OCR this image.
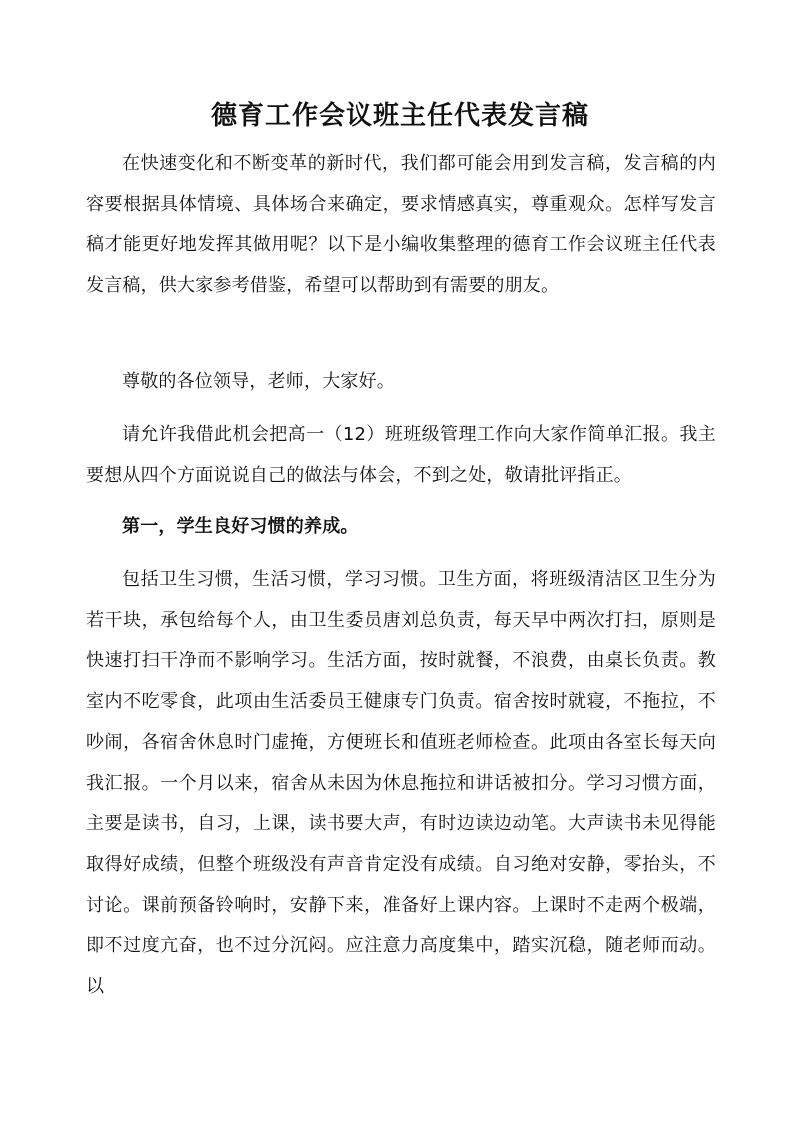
德育工作会议班主任代表发言稿

在快速变化和不断变革的新时代，我们都可能会用到发言稿，发言稿的内容要根据具体情境、具体场合来确定，要求情感真实，尊重观众。怎样写发言稿才能更好地发挥其做用呢？以下是小编收集整理的德育工作会议班主任代表发言稿，供大家参考借鉴，希望可以帮助到有需要的朋友。

尊敬的各位领导，老师，大家好。

请允许我借此机会把高一（12）班班级管理工作向大家作简单汇报。我主要想从四个方面说说自己的做法与体会，不到之处，敬请批评指正。

第一，学生良好习惯的养成。

包括卫生习惯，生活习惯，学习习惯。卫生方面，将班级清洁区卫生分为若干块，承包给每个人，由卫生委员唐刘总负责，每天早中两次打扫，原则是快速打扫干净而不影响学习。生活方面，按时就餐，不浪费，由桌长负责。教室内不吃零食，此项由生活委员王健康专门负责。宿舍按时就寝，不拖拉，不吵闹，各宿舍休息时门虚掩，方便班长和值班老师检查。此项由各室长每天向我汇报。一个月以来，宿舍从未因为休息拖拉和讲话被扣分。学习习惯方面，主要是读书，自习，上课，读书要大声，有时边读边动笔。大声读书未见得能取得好成绩，但整个班级没有声音肯定没有成绩。自习绝对安静，零抬头，不讨论。课前预备铃响时，安静下来，准备好上课内容。上课时不走两个极端，即不过度亢奋，也不过分沉闷。应注意力高度集中，踏实沉稳，随老师而动。以
